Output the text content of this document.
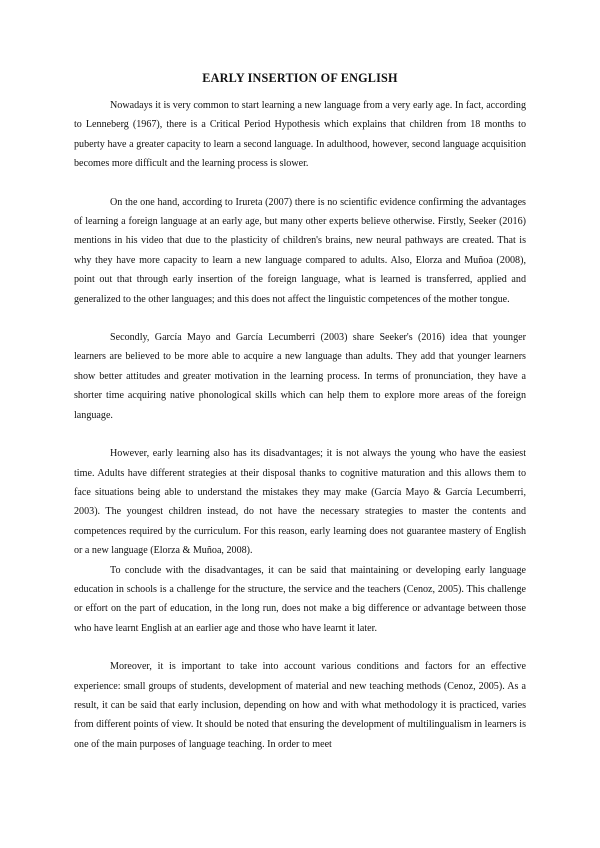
EARLY INSERTION OF ENGLISH

Nowadays it is very common to start learning a new language from a very early age. In fact, according to Lenneberg (1967), there is a Critical Period Hypothesis which explains that children from 18 months to puberty have a greater capacity to learn a second language. In adulthood, however, second language acquisition becomes more difficult and the learning process is slower.

On the one hand, according to Irureta (2007) there is no scientific evidence confirming the advantages of learning a foreign language at an early age, but many other experts believe otherwise. Firstly, Seeker (2016) mentions in his video that due to the plasticity of children's brains, new neural pathways are created. That is why they have more capacity to learn a new language compared to adults. Also, Elorza and Muñoa (2008), point out that through early insertion of the foreign language, what is learned is transferred, applied and generalized to the other languages; and this does not affect the linguistic competences of the mother tongue.

Secondly, García Mayo and García Lecumberri (2003) share Seeker's (2016) idea that younger learners are believed to be more able to acquire a new language than adults. They add that younger learners show better attitudes and greater motivation in the learning process. In terms of pronunciation, they have a shorter time acquiring native phonological skills which can help them to explore more areas of the foreign language.

However, early learning also has its disadvantages; it is not always the young who have the easiest time. Adults have different strategies at their disposal thanks to cognitive maturation and this allows them to face situations being able to understand the mistakes they may make (García Mayo & García Lecumberri, 2003). The youngest children instead, do not have the necessary strategies to master the contents and competences required by the curriculum. For this reason, early learning does not guarantee mastery of English or a new language (Elorza & Muñoa, 2008).

To conclude with the disadvantages, it can be said that maintaining or developing early language education in schools is a challenge for the structure, the service and the teachers (Cenoz, 2005). This challenge or effort on the part of education, in the long run, does not make a big difference or advantage between those who have learnt English at an earlier age and those who have learnt it later.

Moreover, it is important to take into account various conditions and factors for an effective experience: small groups of students, development of material and new teaching methods (Cenoz, 2005). As a result, it can be said that early inclusion, depending on how and with what methodology it is practiced, varies from different points of view. It should be noted that ensuring the development of multilingualism in learners is one of the main purposes of language teaching. In order to meet
